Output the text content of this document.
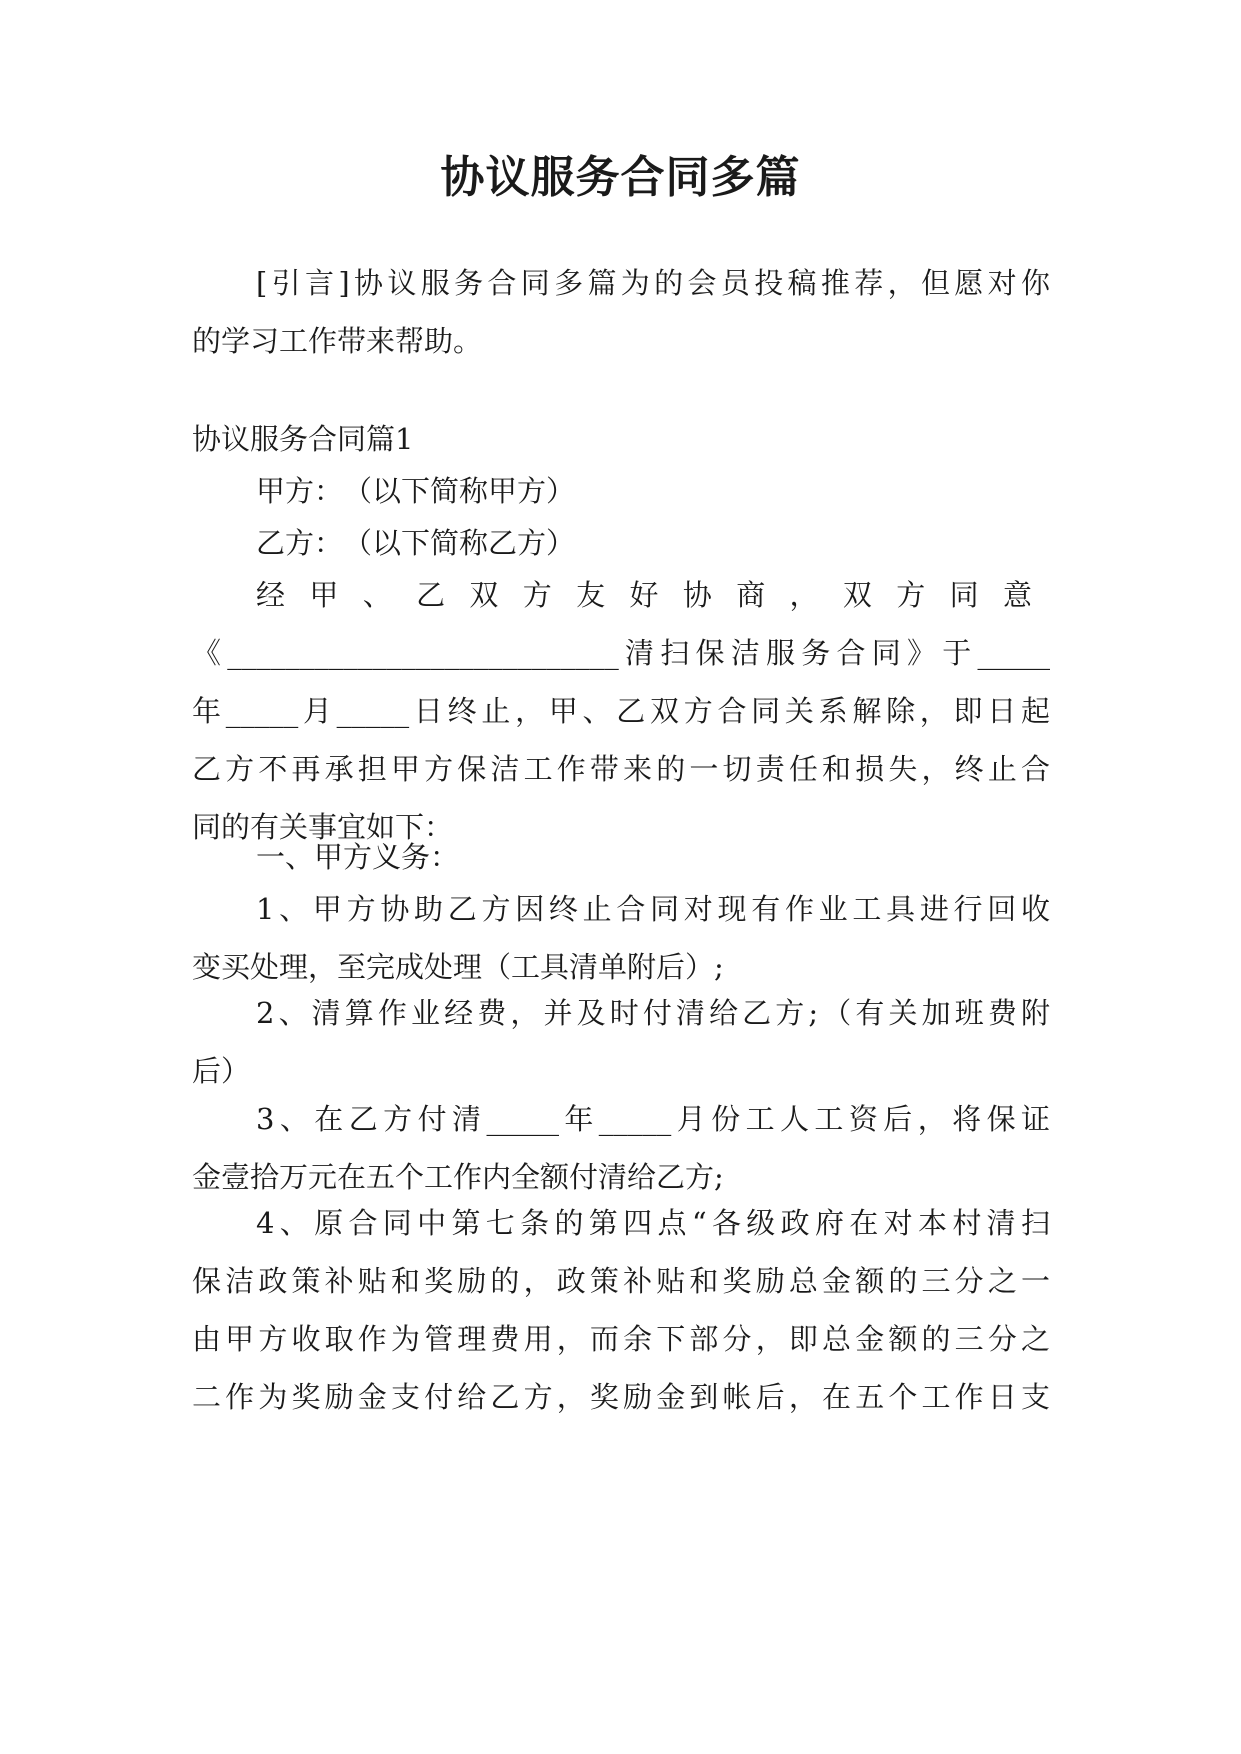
协议服务合同多篇
[引言]协议服务合同多篇为的会员投稿推荐，但愿对你
的学习工作带来帮助。
协议服务合同篇1
甲方：　（以下简称甲方）
乙方：　（以下简称乙方）
经甲、乙双方友好协商，双方同意
《___________________________清扫保洁服务合同》于_____
年_____月_____日终止，甲、乙双方合同关系解除，即日起
乙方不再承担甲方保洁工作带来的一切责任和损失，终止合
同的有关事宜如下：
一、甲方义务：
1、甲方协助乙方因终止合同对现有作业工具进行回收
变买处理，至完成处理（工具清单附后）;
2、清算作业经费，并及时付清给乙方;（有关加班费附
后）
3、在乙方付清_____年_____月份工人工资后，将保证
金壹拾万元在五个工作内全额付清给乙方;
4、原合同中第七条的第四点“各级政府在对本村清扫
保洁政策补贴和奖励的，政策补贴和奖励总金额的三分之一
由甲方收取作为管理费用，而余下部分，即总金额的三分之
二作为奖励金支付给乙方，奖励金到帐后，在五个工作日支
